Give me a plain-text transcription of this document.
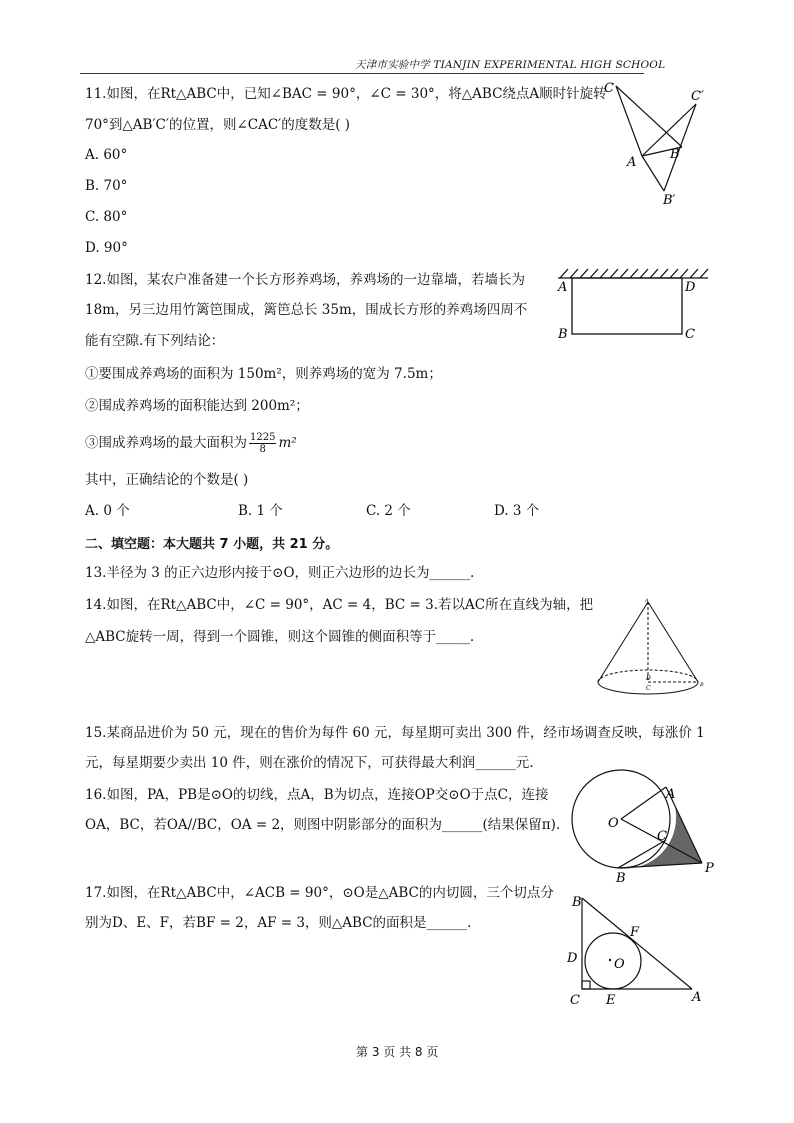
天津市实验中学 TIANJIN EXPERIMENTAL HIGH SCHOOL
11.如图，在Rt△ABC中，已知∠BAC = 90°，∠C = 30°，将△ABC绕点A顺时针旋转
70°到△AB′C′的位置，则∠CAC′的度数是( )
A. 60°
B. 70°
C. 80°
D. 90°
C
C′
A
B
B′
12.如图，某农户准备建一个长方形养鸡场，养鸡场的一边靠墙，若墙长为
18m，另三边用竹篱笆围成，篱笆总长 35m，围成长方形的养鸡场四周不
能有空隙.有下列结论：
①要围成养鸡场的面积为 150m²，则养鸡场的宽为 7.5m；
②围成养鸡场的面积能达到 200m²；
③围成养鸡场的最大面积为 $\frac{1225}{8} m^2$
其中，正确结论的个数是( )
A. 0 个	B. 1 个	C. 2 个	D. 3 个
A	D
B	C
二、填空题：本大题共 7 小题，共 21 分。
13.半径为 3 的正六边形内接于⊙O，则正六边形的边长为______.
14.如图，在Rt△ABC中，∠C = 90°，AC = 4，BC = 3.若以AC所在直线为轴，把
△ABC旋转一周，得到一个圆锥，则这个圆锥的侧面积等于_____.
A
D
C	B
15.某商品进价为 50 元，现在的售价为每件 60 元，每星期可卖出 300 件，经市场调查反映，每涨价 1
元，每星期要少卖出 10 件，则在涨价的情况下，可获得最大利润______元.
16.如图，PA，PB是⊙O的切线，点A，B为切点，连接OP交⊙O于点C，连接
OA，BC，若OA//BC，OA = 2，则图中阴影部分的面积为______(结果保留π).	O
A
C
P
B
17.如图，在Rt△ABC中，∠ACB = 90°，⊙O是△ABC的内切圆，三个切点分
别为D、E、F，若BF = 2，AF = 3，则△ABC的面积是______.
B
F
D	O
C E	A
第 3 页 共 8 页
